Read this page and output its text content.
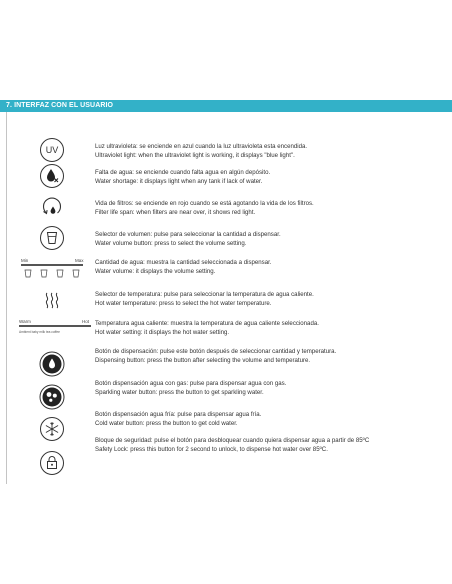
7. INTERFAZ CON EL USUARIO
UV	Luz ultravioleta: se enciende en azul cuando la luz ultravioleta esta encendida.
Ultraviolet light: when the ultraviolet light is working, it displays "blue light".
Falta de agua: se enciende cuando falta agua en algún depósito.
Water shortage: it displays light when any tank if lack of water.
Vida de filtros: se enciende en rojo cuando se está agotando la vida de los filtros.
Filter life span: when filters are near over, it shows red light.
Selector de volumen: pulse para seleccionar la cantidad a dispensar.
Water volume button: press to select the volume setting.
Min	Max Cantidad de agua: muestra la cantidad seleccionada a dispensar.
Water volume: it displays the volume setting.
Selector de temperatura: pulse para seleccionar la temperatura de agua caliente.
Hot water temperature: press to select the hot water temperature.
Warm	Hot
Ambient baby milk tea coffee
Temperatura agua caliente: muestra la temperatura de agua caliente seleccionada.
Hot water setting: it displays the hot water setting.
Botón de dispensación: pulse este botón después de seleccionar cantidad y temperatura.
Dispensing button: press the button after selecting the volume and temperature.
Botón dispensación agua con gas: pulse para dispensar agua con gas.
Sparkling water button: press the button to get sparkling water.
Botón dispensación agua fría: pulse para dispensar agua fría.
Cold water button: press the button to get cold water.
Bloque de seguridad: pulse el botón para desbloquear cuando quiera dispensar agua a partir de 85ºC
Safety Lock: press this button for 2 second to unlock, to dispense hot water over 85ºC.
